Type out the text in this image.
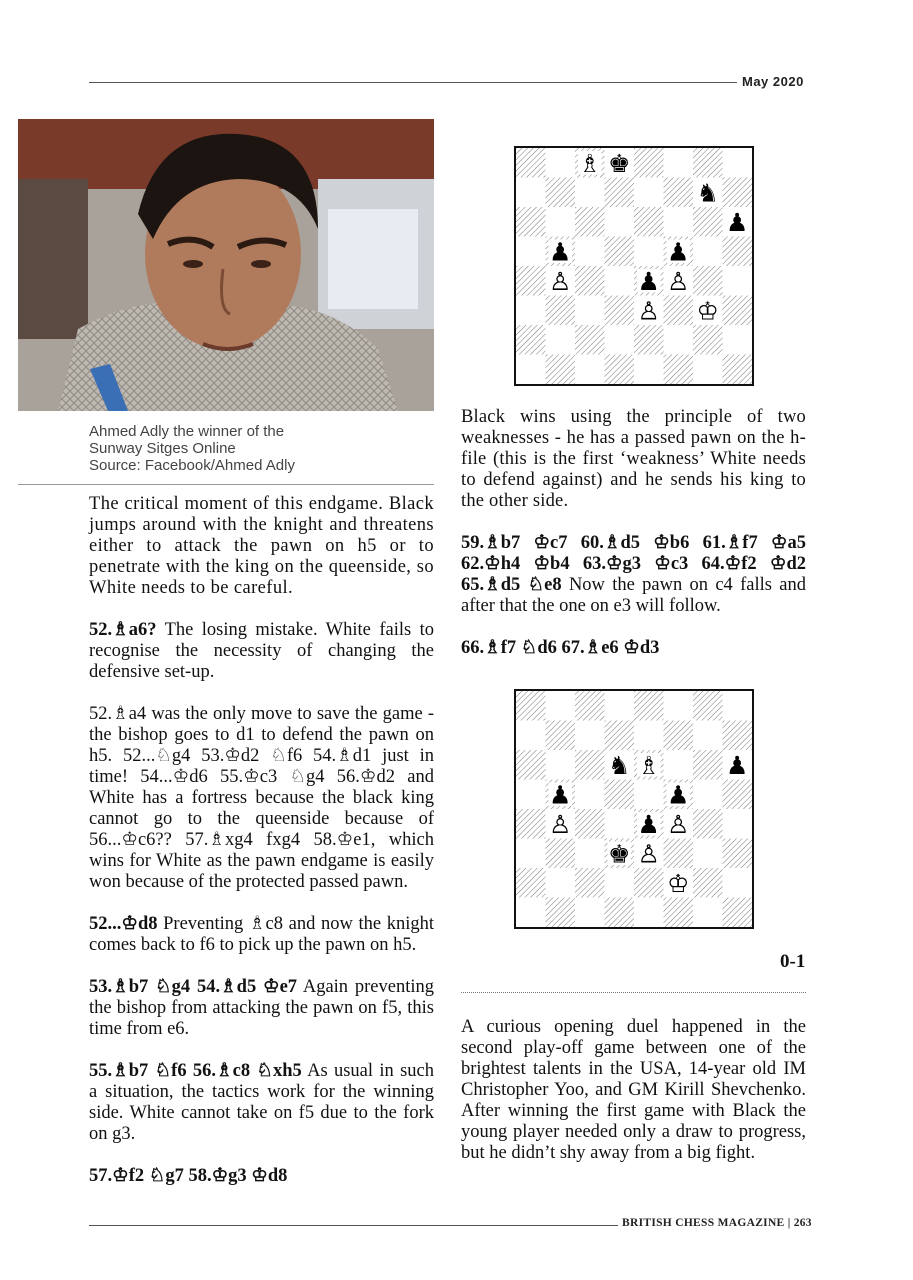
May 2020
Ahmed Adly the winner of the
Sunway Sitges Online
Source: Facebook/Ahmed Adly

The critical moment of this endgame. Black jumps around with the knight and threatens either to attack the pawn on h5 or to penetrate with the king on the queenside, so White needs to be careful.

52.♗a6? The losing mistake. White fails to recognise the necessity of changing the defensive set-up.

52.♗a4 was the only move to save the game - the bishop goes to d1 to defend the pawn on h5. 52...♘g4 53.♔d2 ♘f6 54.♗d1 just in time! 54...♔d6 55.♔c3 ♘g4 56.♔d2 and White has a fortress because the black king cannot go to the queenside because of 56...♔c6?? 57.♗xg4 fxg4 58.♔e1, which wins for White as the pawn endgame is easily won because of the protected passed pawn.

52...♔d8 Preventing ♗c8 and now the knight comes back to f6 to pick up the pawn on h5.

53.♗b7 ♘g4 54.♗d5 ♔e7 Again preventing the bishop from attacking the pawn on f5, this time from e6.

55.♗b7 ♘f6 56.♗c8 ♘xh5 As usual in such a situation, the tactics work for the winning side. White cannot take on f5 due to the fork on g3.

57.♔f2 ♘g7 58.♔g3 ♔d8

♗ ♚
♞
♟
♟	♟
♙	♟ ♙
♙ ♔

Black wins using the principle of two weaknesses - he has a passed pawn on the h-file (this is the first ‘weakness’ White needs to defend against) and he sends his king to the other side.

59.♗b7 ♔c7 60.♗d5 ♔b6 61.♗f7 ♔a5 62.♔h4 ♔b4 63.♔g3 ♔c3 64.♔f2 ♔d2 65.♗d5 ♘e8 Now the pawn on c4 falls and after that the one on e3 will follow.

66.♗f7 ♘d6 67.♗e6 ♔d3

♞ ♗	♟
♟	♟
♙	♟ ♙
♚ ♙
♔
0-1

A curious opening duel happened in the second play-off game between one of the brightest talents in the USA, 14-year old IM Christopher Yoo, and GM Kirill Shevchenko. After winning the first game with Black the young player needed only a draw to progress, but he didn’t shy away from a big fight.

BRITISH CHESS MAGAZINE | 263
